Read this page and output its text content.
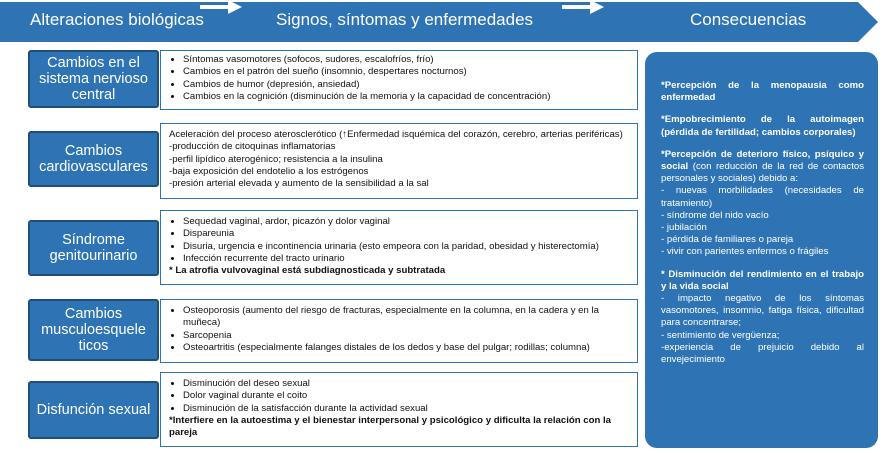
Alteraciones biológicas	Signos, síntomas y enfermedades	Consecuencias
Cambios en el sistema nervioso central
• Síntomas vasomotores (sofocos, sudores, escalofríos, frío)
• Cambios en el patrón del sueño (insomnio, despertares nocturnos)
• Cambios de humor (depresión, ansiedad)
• Cambios en la cognición (disminución de la memoria y la capacidad de concentración)
Cambios cardiovasculares
Aceleración del proceso aterosclerótico (↑Enfermedad isquémica del corazón, cerebro, arterias periféricas)
-producción de citoquinas inflamatorias
-perfil lipídico aterogénico; resistencia a la insulina
-baja exposición del endotelio a los estrógenos
-presión arterial elevada y aumento de la sensibilidad a la sal
Síndrome genitourinario
• Sequedad vaginal, ardor, picazón y dolor vaginal
• Dispareunia
• Disuria, urgencia e incontinencia urinaria (esto empeora con la paridad, obesidad y histerectomía)
• Infección recurrente del tracto urinario
* La atrofia vulvovaginal está subdiagnosticada y subtratada
Cambios musculoesquele ticos
• Osteoporosis (aumento del riesgo de fracturas, especialmente en la columna, en la cadera y en la muñeca)
• Sarcopenia
• Osteoartritis (especialmente falanges distales de los dedos y base del pulgar; rodillas; columna)
Disfunción sexual
• Disminución del deseo sexual
• Dolor vaginal durante el coito
• Disminución de la satisfacción durante la actividad sexual
*Interfiere en la autoestima y el bienestar interpersonal y psicológico y dificulta la relación con la pareja

*Percepción de la menopausia como enfermedad

*Empobrecimiento de la autoimagen (pérdida de fertilidad; cambios corporales)

*Percepción de deterioro físico, psíquico y social (con reducción de la red de contactos personales y sociales) debido a:
- nuevas morbilidades (necesidades de tratamiento)
- síndrome del nido vacío
- jubilación
- pérdida de familiares o pareja
- vivir con parientes enfermos o frágiles

* Disminución del rendimiento en el trabajo y la vida social
- impacto negativo de los síntomas vasomotores, insomnio, fatiga física, dificultad para concentrarse;
- sentimiento de vergüenza;
-experiencia de prejuicio debido al envejecimiento
